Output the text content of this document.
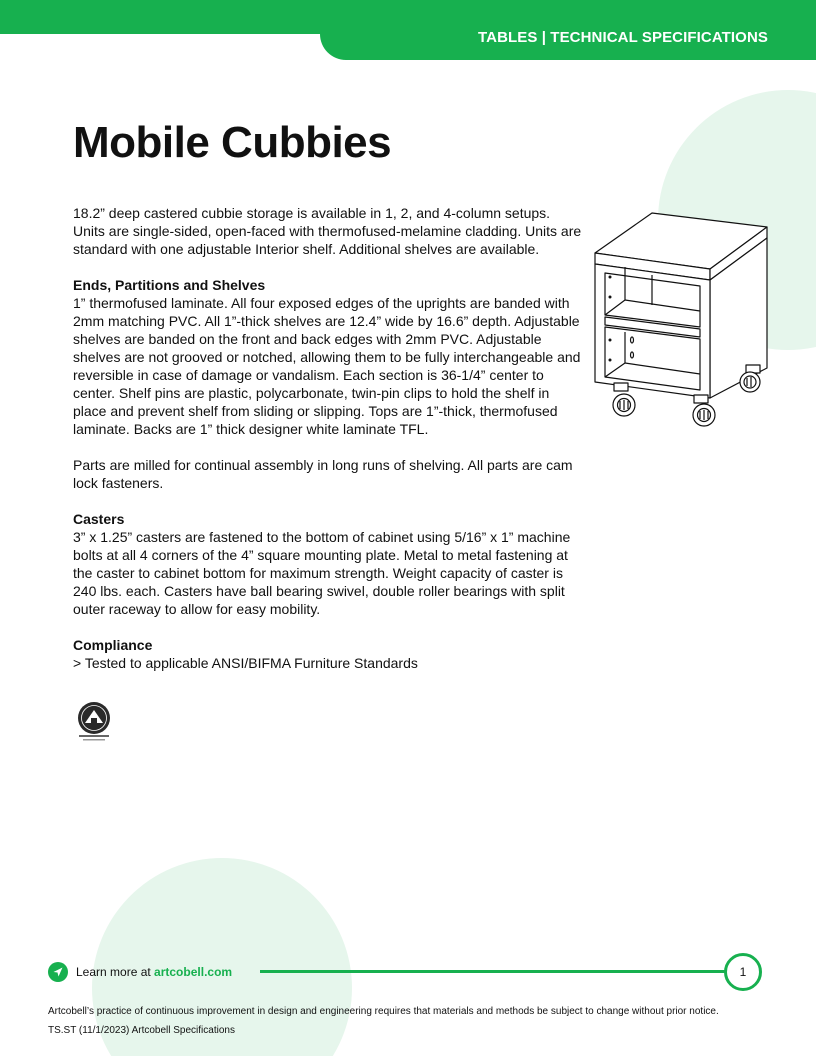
TABLES | TECHNICAL SPECIFICATIONS
Mobile Cubbies

18.2” deep castered cubbie storage is available in 1, 2, and 4-column setups. Units are single-sided, open-faced with thermofused-melamine cladding. Units are standard with one adjustable Interior shelf. Additional shelves are available.

Ends, Partitions and Shelves
1” thermofused laminate. All four exposed edges of the uprights are banded with 2mm matching PVC. All 1”-thick shelves are 12.4” wide by 16.6” depth. Adjustable shelves are banded on the front and back edges with 2mm PVC. Adjustable shelves are not grooved or notched, allowing them to be fully interchangeable and reversible in case of damage or vandalism. Each section is 36-1/4” center to center. Shelf pins are plastic, polycarbonate, twin-pin clips to hold the shelf in place and prevent shelf from sliding or slipping. Tops are 1”-thick, thermofused laminate. Backs are 1” thick designer white laminate TFL.

Parts are milled for continual assembly in long runs of shelving. All parts are cam lock fasteners.

Casters
3” x 1.25” casters are fastened to the bottom of cabinet using 5/16” x 1” machine bolts at all 4 corners of the 4” square mounting plate. Metal to metal fastening at the caster to cabinet bottom for maximum strength. Weight capacity of caster is 240 lbs. each. Casters have ball bearing swivel, double roller bearings with split outer raceway to allow for easy mobility.
Compliance
> Tested to applicable ANSI/BIFMA Furniture Standards
Learn more at artcobell.com	1
Artcobell’s practice of continuous improvement in design and engineering requires that materials and methods be subject to change without prior notice.
TS.ST (11/1/2023) Artcobell Specifications
